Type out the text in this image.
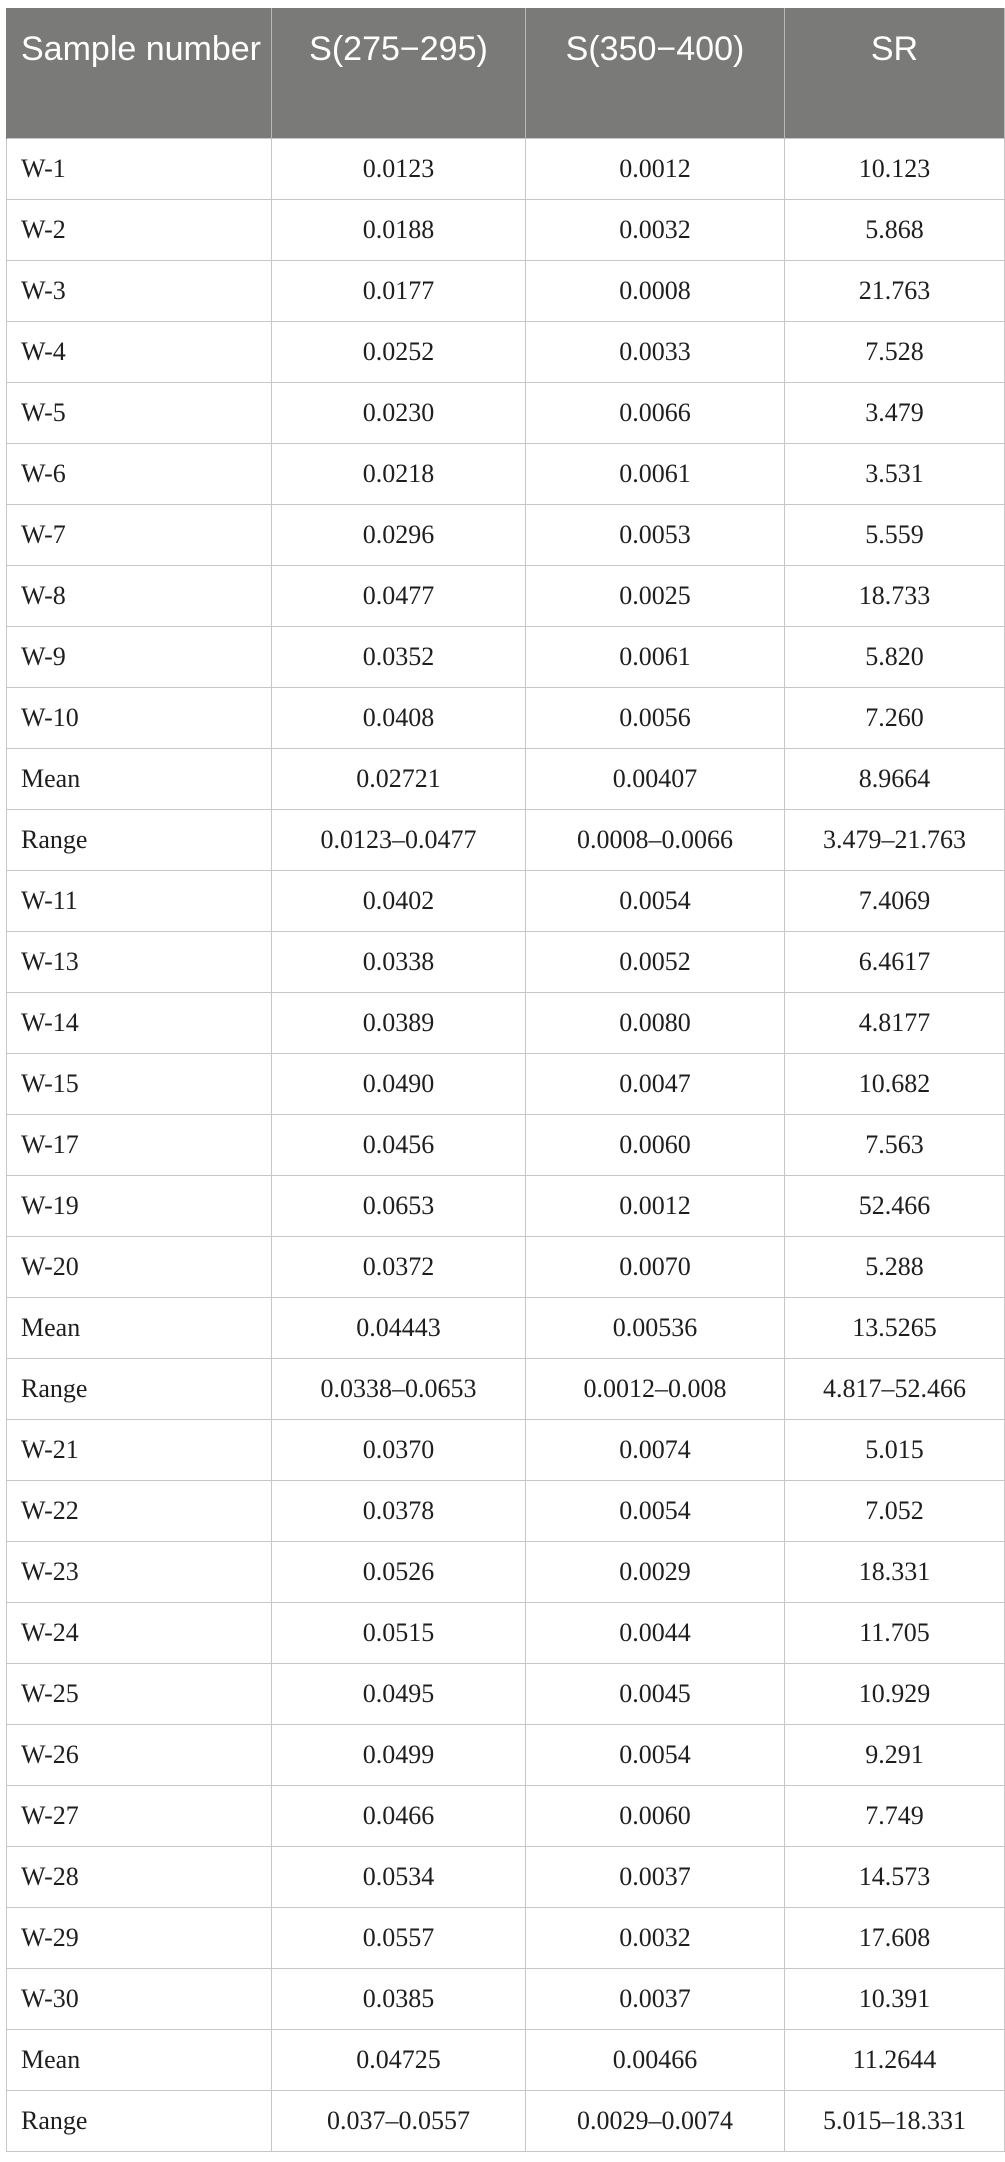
Sample number	S(275−295)	S(350−400)	SR
W-1	0.0123	0.0012	10.123
W-2	0.0188	0.0032	5.868
W-3	0.0177	0.0008	21.763
W-4	0.0252	0.0033	7.528
W-5	0.0230	0.0066	3.479
W-6	0.0218	0.0061	3.531
W-7	0.0296	0.0053	5.559
W-8	0.0477	0.0025	18.733
W-9	0.0352	0.0061	5.820
W-10	0.0408	0.0056	7.260
Mean	0.02721	0.00407	8.9664
Range	0.0123–0.0477	0.0008–0.0066	3.479–21.763
W-11	0.0402	0.0054	7.4069
W-13	0.0338	0.0052	6.4617
W-14	0.0389	0.0080	4.8177
W-15	0.0490	0.0047	10.682
W-17	0.0456	0.0060	7.563
W-19	0.0653	0.0012	52.466
W-20	0.0372	0.0070	5.288
Mean	0.04443	0.00536	13.5265
Range	0.0338–0.0653	0.0012–0.008	4.817–52.466
W-21	0.0370	0.0074	5.015
W-22	0.0378	0.0054	7.052
W-23	0.0526	0.0029	18.331
W-24	0.0515	0.0044	11.705
W-25	0.0495	0.0045	10.929
W-26	0.0499	0.0054	9.291
W-27	0.0466	0.0060	7.749
W-28	0.0534	0.0037	14.573
W-29	0.0557	0.0032	17.608
W-30	0.0385	0.0037	10.391
Mean	0.04725	0.00466	11.2644
Range	0.037–0.0557	0.0029–0.0074	5.015–18.331
